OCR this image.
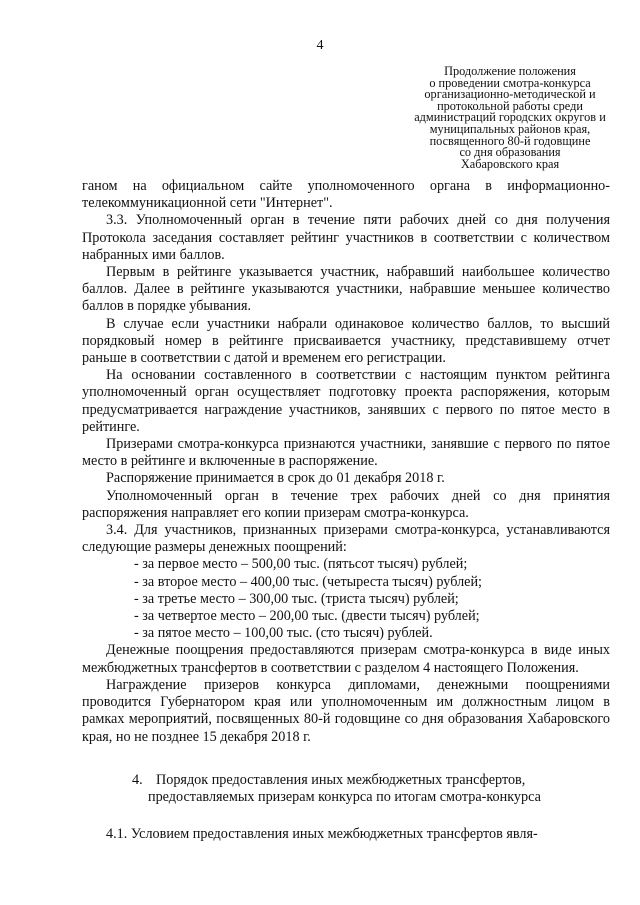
4
Продолжение положения
о проведении смотра-конкурса
организационно-методической и
протокольной работы среди
администраций городских округов и
муниципальных районов края,
посвященного 80-й годовщине
со дня образования
Хабаровского края

ганом на официальном сайте уполномоченного органа в информационно-телекоммуникационной сети "Интернет".

3.3. Уполномоченный орган в течение пяти рабочих дней со дня получения Протокола заседания составляет рейтинг участников в соответствии с количеством набранных ими баллов.

Первым в рейтинге указывается участник, набравший наибольшее количество баллов. Далее в рейтинге указываются участники, набравшие меньшее количество баллов в порядке убывания.

В случае если участники набрали одинаковое количество баллов, то высший порядковый номер в рейтинге присваивается участнику, представившему отчет раньше в соответствии с датой и временем его регистрации.

На основании составленного в соответствии с настоящим пунктом рейтинга уполномоченный орган осуществляет подготовку проекта распоряжения, которым предусматривается награждение участников, занявших с первого по пятое место в рейтинге.

Призерами смотра-конкурса признаются участники, занявшие с первого по пятое место в рейтинге и включенные в распоряжение.

Распоряжение принимается в срок до 01 декабря 2018 г.

Уполномоченный орган в течение трех рабочих дней со дня принятия распоряжения направляет его копии призерам смотра-конкурса.

3.4. Для участников, признанных призерами смотра-конкурса, устанавливаются следующие размеры денежных поощрений:

- за первое место – 500,00 тыс. (пятьсот тысяч) рублей;
- за второе место – 400,00 тыс. (четыреста тысяч) рублей;
- за третье место – 300,00 тыс. (триста тысяч) рублей;
- за четвертое место – 200,00 тыс. (двести тысяч) рублей;
- за пятое место – 100,00 тыс. (сто тысяч) рублей.

Денежные поощрения предоставляются призерам смотра-конкурса в виде иных межбюджетных трансфертов в соответствии с разделом 4 настоящего Положения.

Награждение призеров конкурса дипломами, денежными поощрениями проводится Губернатором края или уполномоченным им должностным лицом в рамках мероприятий, посвященных 80-й годовщине со дня образования Хабаровского края, но не позднее 15 декабря 2018 г.

4. Порядок предоставления иных межбюджетных трансфертов,
предоставляемых призерам конкурса по итогам смотра-конкурса

4.1. Условием предоставления иных межбюджетных трансфертов явля-
